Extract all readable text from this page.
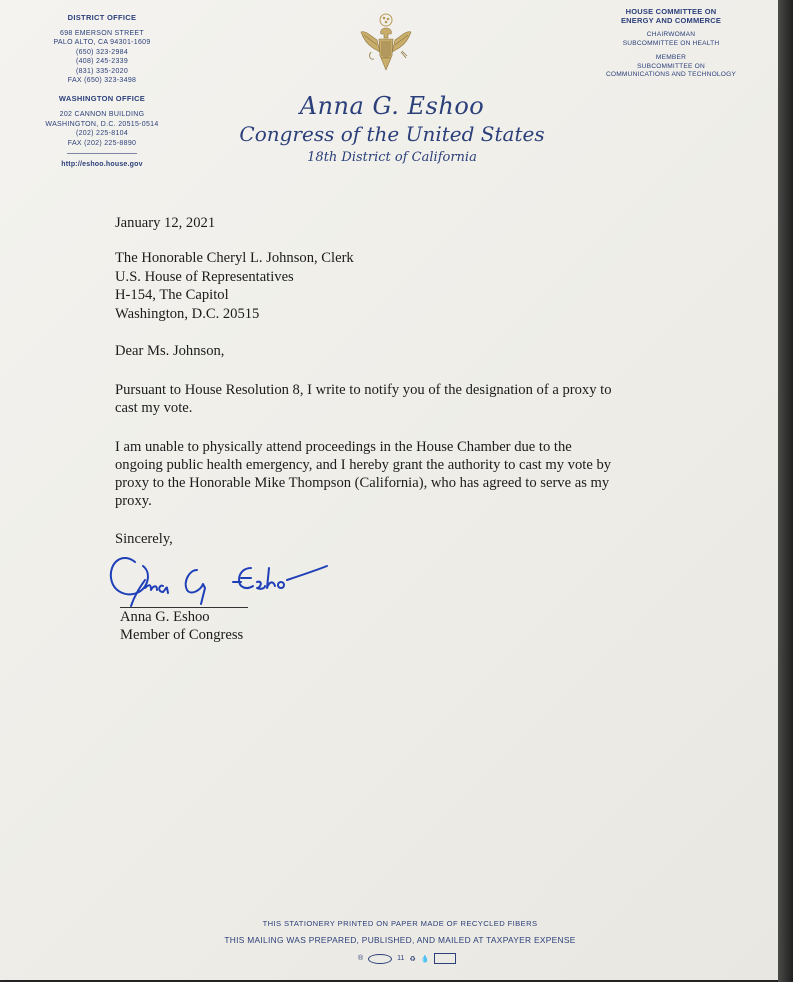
DISTRICT OFFICE
698 EMERSON STREET
PALO ALTO, CA 94301-1609
(650) 323-2984
(408) 245-2339
(831) 335-2020
FAX (650) 323-3498
WASHINGTON OFFICE
202 CANNON BUILDING
WASHINGTON, D.C. 20515-0514
(202) 225-8104
FAX (202) 225-8890
http://eshoo.house.gov
HOUSE COMMITTEE ON
ENERGY AND COMMERCE
CHAIRWOMAN
SUBCOMMITTEE ON HEALTH
MEMBER
SUBCOMMITTEE ON
COMMUNICATIONS AND TECHNOLOGY
Anna G. Eshoo
Congress of the United States
18th District of California

January 12, 2021

The Honorable Cheryl L. Johnson, Clerk

U.S. House of Representatives

H-154, The Capitol

Washington, D.C. 20515

Dear Ms. Johnson,

Pursuant to House Resolution 8, I write to notify you of the designation of a proxy to

cast my vote.

I am unable to physically attend proceedings in the House Chamber due to the

ongoing public health emergency, and I hereby grant the authority to cast my vote by

proxy to the Honorable Mike Thompson (California), who has agreed to serve as my

proxy.

Sincerely,

Anna G. Eshoo
Member of Congress
THIS STATIONERY PRINTED ON PAPER MADE OF RECYCLED FIBERS
THIS MAILING WAS PREPARED, PUBLISHED, AND MAILED AT TAXPAYER EXPENSE
®	11 ♻ 💧
